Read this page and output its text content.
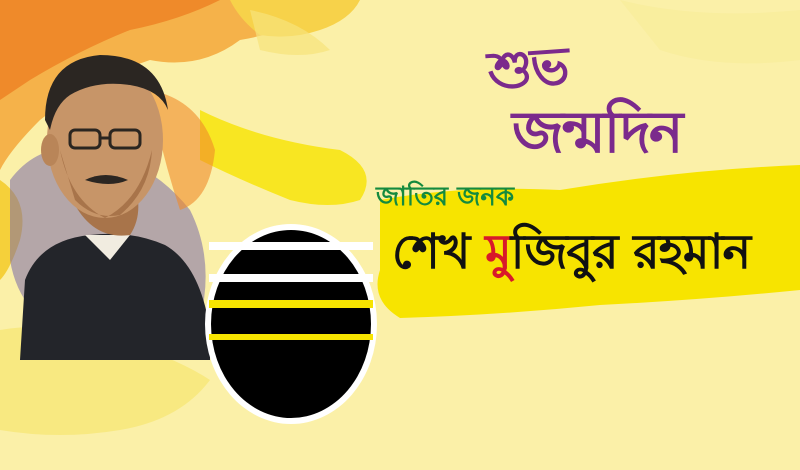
শুভ
জন্মদিন
জাতির জনক
শেখ মুজিবুর রহমান
